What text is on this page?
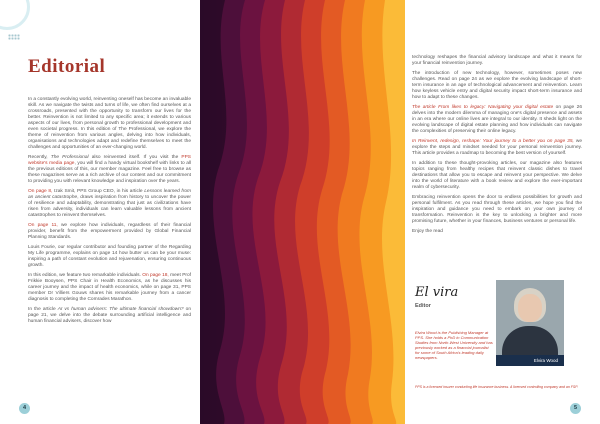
Editorial

In a constantly evolving world, reinventing oneself has become an invaluable skill. As we navigate the twists and turns of life, we often find ourselves at a crossroads, presented with the opportunity to transform our lives for the better. Reinvention is not limited to any specific area; it extends to various aspects of our lives, from personal growth to professional development and even societal progress. In this edition of The Professional, we explore the theme of reinvention from various angles, delving into how individuals, organisations and technologies adapt and redefine themselves to meet the challenges and opportunities of an ever-changing world.

Recently, The Professional also reinvented itself. If you visit the PPS website's media page, you will find a handy virtual bookshelf with links to all the previous editions of this, our member magazine. Feel free to browse as these magazines serve as a rich archive of our content and our commitment to providing you with relevant knowledge and inspiration over the years.

On page 8, Izak Smit, PPS Group CEO, in his article Lessons learned from an ancient catastrophe, draws inspiration from history to uncover the power of resilience and adaptability, demonstrating that just as civilizations have risen from adversity, individuals can learn valuable lessons from ancient catastrophes to reinvent themselves.

On page 11, we explore how individuals, regardless of their financial provider, benefit from the empowerment provided by Global Financial Planning Standards.

Louis Fourie, our regular contributor and founding partner of the Regarding My Life programme, explains on page 14 how butter us can be your muse: inspiring a path of constant evolution and rejuvenation, ensuring continuous growth.

In this edition, we feature two remarkable individuals. On page 18, meet Prof Frikkie Booysen, PPS Chair in Health Economics, as he discusses his career journey and the impact of health economics, while on page 31, PPS member Dr Villiers Gouws shares his remarkable journey from a cancer diagnosis to completing the Comrades Marathon.

In the article AI vs human advisers: The ultimate financial showdown? on page 21, we delve into the debate surrounding artificial intelligence and human financial advisers, discover how

4

technology reshapes the financial advisory landscape and what it means for your financial reinvention journey.

The introduction of new technology, however, sometimes poses new challenges. Read on page 24 as we explore the evolving landscape of short-term insurance in an age of technological advancement and reinvention. Learn how keyless vehicle entry and digital security impact short-term insurance and how to adapt to these changes.

The article From likes to legacy: Navigating your digital estate on page 26 delves into the modern dilemma of managing one's digital presence and assets in an era where our online lives are integral to our identity. It sheds light on the evolving landscape of digital estate planning and how individuals can navigate the complexities of preserving their online legacy.

In Reinvent, redesign, reshape: Your journey to a better you on page 35, we explore the steps and mindset needed for your personal reinvention journey. This article provides a roadmap to becoming the best version of yourself.

In addition to these thought-provoking articles, our magazine also features topics ranging from healthy recipes that reinvent classic dishes to travel destinations that allow you to escape and reinvent your perspective. We delve into the world of literature with a book review and explore the ever-important realm of cybersecurity.

Embracing reinvention opens the door to endless possibilities for growth and personal fulfilment. As you read through these articles, we hope you find the inspiration and guidance you need to embark on your own journey of transformation. Reinvention is the key to unlocking a brighter and more promising future, whether in your finances, business ventures or personal life.

Enjoy the read

El vira

Editor
Elvira Wood is the Publishing Manager at PPS. She holds a PhD in Communication Studies from North-West University and has previously worked as a financial journalist for some of South Africa's leading daily newspapers.
Elvira Wood
PPS is a licensed insurer conducting life insurance business. A licensed controlling company and an FSP.
5
